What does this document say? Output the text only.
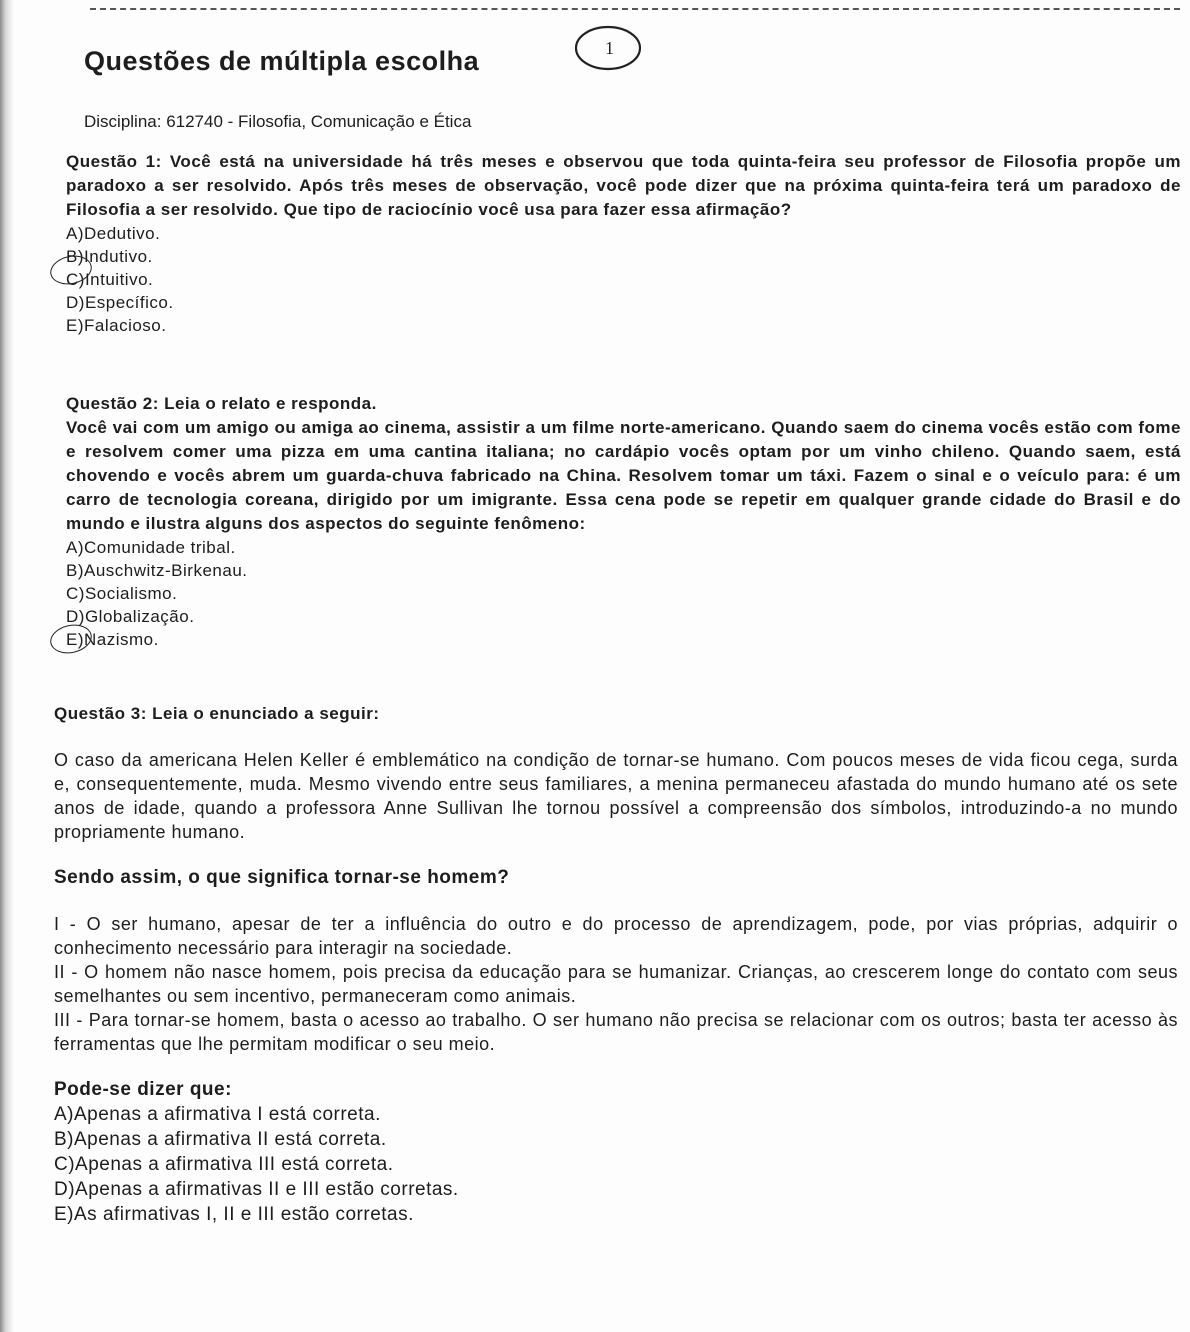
1
Questões de múltipla escolha
Disciplina: 612740 - Filosofia, Comunicação e Ética
Questão 1: Você está na universidade há três meses e observou que toda quinta-feira seu professor de Filosofia propõe um paradoxo a ser resolvido. Após três meses de observação, você pode dizer que na próxima quinta-feira terá um paradoxo de Filosofia a ser resolvido. Que tipo de raciocínio você usa para fazer essa afirmação?
A)Dedutivo.
B)Indutivo.
C)Intuitivo.
D)Específico.
E)Falacioso.
Questão 2: Leia o relato e responda.
Você vai com um amigo ou amiga ao cinema, assistir a um filme norte-americano. Quando saem do cinema vocês estão com fome e resolvem comer uma pizza em uma cantina italiana; no cardápio vocês optam por um vinho chileno. Quando saem, está chovendo e vocês abrem um guarda-chuva fabricado na China. Resolvem tomar um táxi. Fazem o sinal e o veículo para: é um carro de tecnologia coreana, dirigido por um imigrante. Essa cena pode se repetir em qualquer grande cidade do Brasil e do mundo e ilustra alguns dos aspectos do seguinte fenômeno:
A)Comunidade tribal.
B)Auschwitz-Birkenau.
C)Socialismo.
D)Globalização.
E)Nazismo.
Questão 3: Leia o enunciado a seguir:
O caso da americana Helen Keller é emblemático na condição de tornar-se humano. Com poucos meses de vida ficou cega, surda e, consequentemente, muda. Mesmo vivendo entre seus familiares, a menina permaneceu afastada do mundo humano até os sete anos de idade, quando a professora Anne Sullivan lhe tornou possível a compreensão dos símbolos, introduzindo-a no mundo propriamente humano.
Sendo assim, o que significa tornar-se homem?
I - O ser humano, apesar de ter a influência do outro e do processo de aprendizagem, pode, por vias próprias, adquirir o conhecimento necessário para interagir na sociedade.
II - O homem não nasce homem, pois precisa da educação para se humanizar. Crianças, ao crescerem longe do contato com seus semelhantes ou sem incentivo, permaneceram como animais.
III - Para tornar-se homem, basta o acesso ao trabalho. O ser humano não precisa se relacionar com os outros; basta ter acesso às ferramentas que lhe permitam modificar o seu meio.
Pode-se dizer que:
A)Apenas a afirmativa I está correta.
B)Apenas a afirmativa II está correta.
C)Apenas a afirmativa III está correta.
D)Apenas a afirmativas II e III estão corretas.
E)As afirmativas I, II e III estão corretas.
